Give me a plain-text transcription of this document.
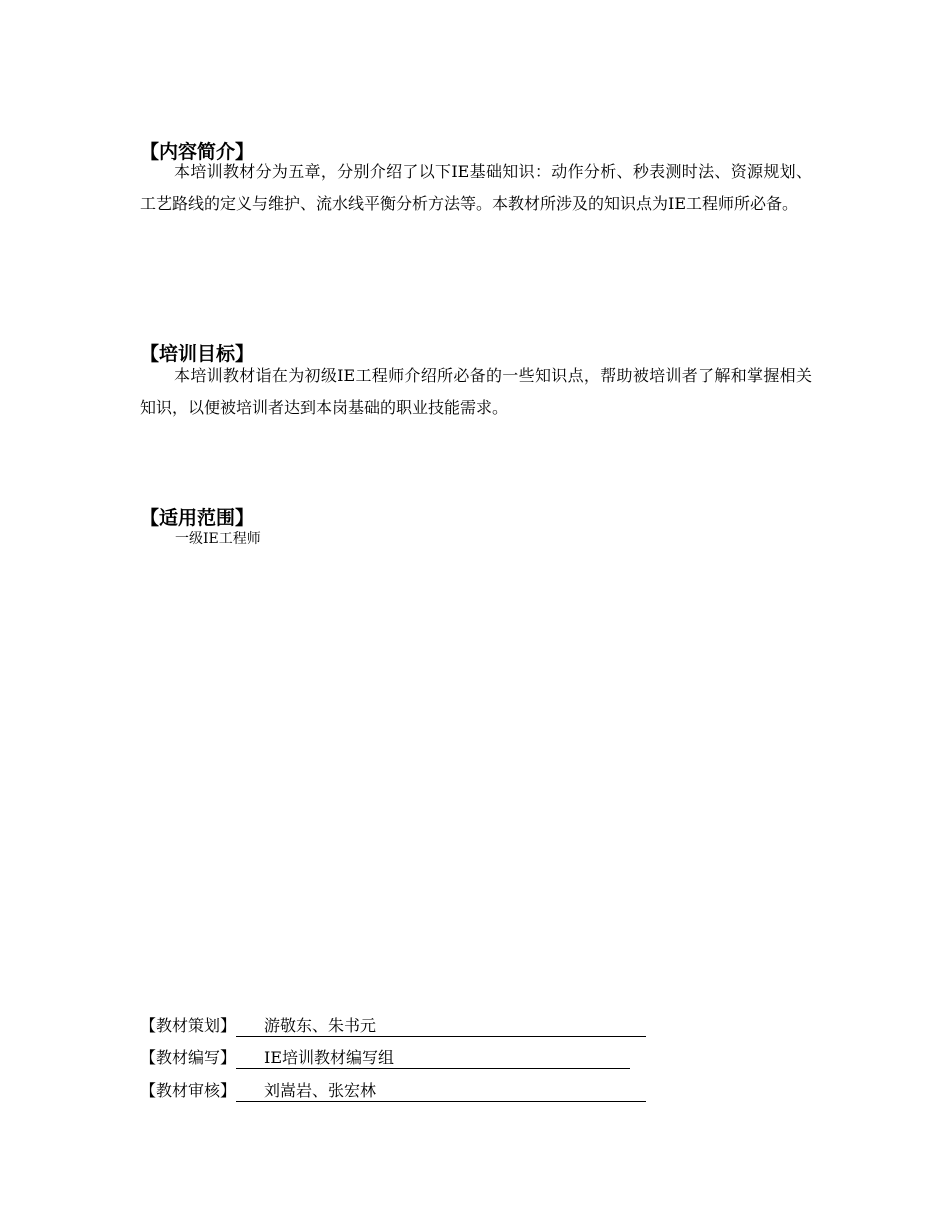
【内容简介】

本培训教材分为五章，分别介绍了以下IE基础知识：动作分析、秒表测时法、资源规划、工艺路线的定义与维护、流水线平衡分析方法等。本教材所涉及的知识点为IE工程师所必备。

【培训目标】

本培训教材诣在为初级IE工程师介绍所必备的一些知识点，帮助被培训者了解和掌握相关知识，以便被培训者达到本岗基础的职业技能需求。

【适用范围】

一级IE工程师

【教材策划】 游敬东、朱书元
【教材编写】 IE培训教材编写组
【教材审核】 刘嵩岩、张宏林
